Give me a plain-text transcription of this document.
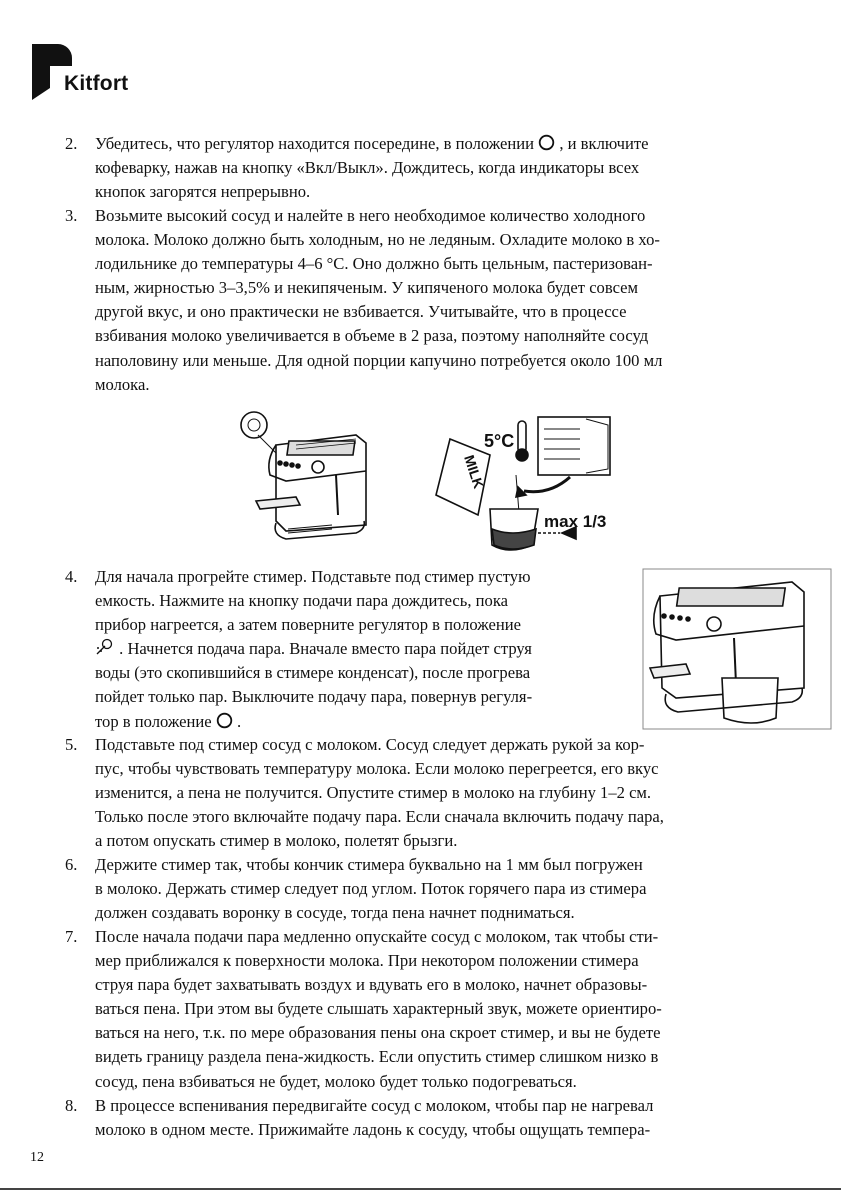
Kitfort
2. Убедитесь, что регулятор находится посередине, в положении  , и включите
кофеварку, нажав на кнопку «Вкл/Выкл». Дождитесь, когда индикаторы всех
кнопок загорятся непрерывно.
3. Возьмите высокий сосуд и налейте в него необходимое количество холодного
молока. Молоко должно быть холодным, но не ледяным. Охладите молоко в хо-
лодильнике до температуры 4–6 °С. Оно должно быть цельным, пастеризован-
ным, жирностью 3–3,5% и некипяченым. У кипяченого молока будет совсем
другой вкус, и оно практически не взбивается. Учитывайте, что в процессе
взбивания молоко увеличивается в объеме в 2 раза, поэтому наполняйте сосуд
наполовину или меньше. Для одной порции капучино потребуется около 100 мл
молока.
4. Для начала прогрейте стимер. Подставьте под стимер пустую
емкость. Нажмите на кнопку подачи пара дождитесь, пока
прибор нагреется, а затем поверните регулятор в положение
. Начнется подача пара. Вначале вместо пара пойдет струя
воды (это скопившийся в стимере конденсат), после прогрева
пойдет только пар. Выключите подачу пара, повернув регуля-
тор в положение  .
5. Подставьте под стимер сосуд с молоком. Сосуд следует держать рукой за кор-
пус, чтобы чувствовать температуру молока. Если молоко перегреется, его вкус
изменится, а пена не получится. Опустите стимер в молоко на глубину 1–2 см.
Только после этого включайте подачу пара. Если сначала включить подачу пара,
а потом опускать стимер в молоко, полетят брызги.
6. Держите стимер так, чтобы кончик стимера буквально на 1 мм был погружен
в молоко. Держать стимер следует под углом. Поток горячего пара из стимера
должен создавать воронку в сосуде, тогда пена начнет подниматься.
7. После начала подачи пара медленно опускайте сосуд с молоком, так чтобы сти-
мер приближался к поверхности молока. При некотором положении стимера
струя пара будет захватывать воздух и вдувать его в молоко, начнет образовы-
ваться пена. При этом вы будете слышать характерный звук, можете ориентиро-
ваться на него, т.к. по мере образования пены она скроет стимер, и вы не будете
видеть границу раздела пена-жидкость. Если опустить стимер слишком низко в
сосуд, пена взбиваться не будет, молоко будет только подогреваться.
8. В процессе вспенивания передвигайте сосуд с молоком, чтобы пар не нагревал
молоко в одном месте. Прижимайте ладонь к сосуду, чтобы ощущать темпера-
5°C
MILK
max 1/3
12
